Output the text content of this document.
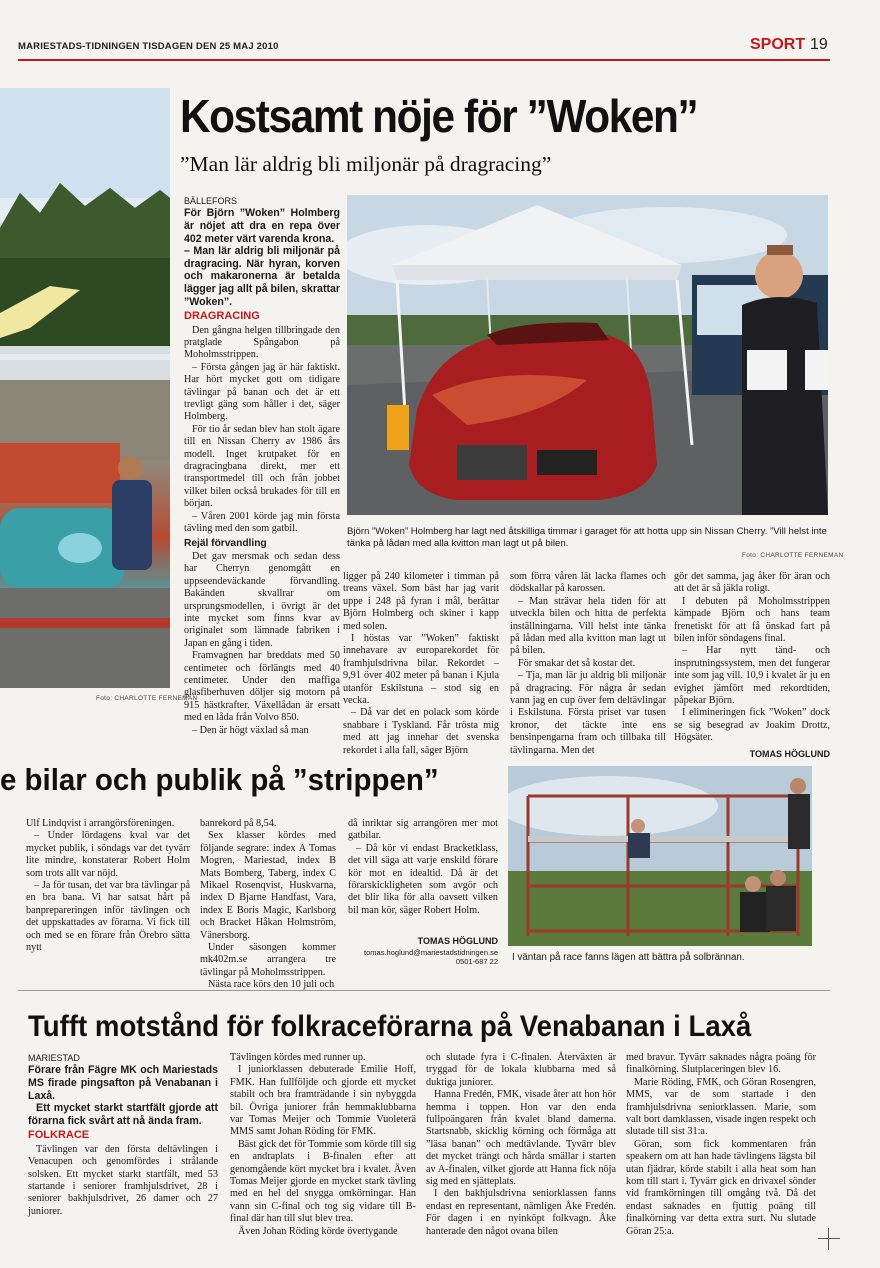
MARIESTADS-TIDNINGEN TISDAGEN DEN 25 MAJ 2010	SPORT 19
Foto: CHARLOTTE FERNEMAN
Kostsamt nöje för ”Woken”
”Man lär aldrig bli miljonär på dragracing”

BÄLLEFORS

För Björn ”Woken” Holmberg är nöjet att dra en repa över 402 meter värt varenda krona.

– Man lär aldrig bli miljonär på dragracing. När hyran, korven och makaronerna är betalda lägger jag allt på bilen, skrattar ”Woken”.

DRAGRACING

Den gångna helgen tillbringade den pratglade Spångabon på Moholmsstrippen.

– Första gången jag är här faktiskt. Har hört mycket gott om tidigare tävlingar på banan och det är ett trevligt gäng som håller i det, säger Holmberg.

För tio år sedan blev han stolt ägare till en Nissan Cherry av 1986 års modell. Inget krutpaket för en dragracingbana direkt, mer ett transportmedel till och från jobbet vilket bilen också brukades för till en början.

– Våren 2001 körde jag min första tävling med den som gatbil.

Rejäl förvandling

Det gav mersmak och sedan dess har Cherryn genomgått en uppseendeväckande förvandling. Bakänden skvallrar om ursprungsmodellen, i övrigt är det inte mycket som finns kvar av originalet som lämnade fabriken i Japan en gång i tiden.

Framvagnen har breddats med 50 centimeter och förlängts med 40 centimeter. Under den maffiga glasfiberhuven döljer sig motorn på 915 hästkrafter. Växellådan är ersatt med en låda från Volvo 850.

– Den är högt växlad så man

Björn ”Woken” Holmberg har lagt ned åtskilliga timmar i garaget för att hotta upp sin Nissan Cherry. ”Vill helst inte tänka på lådan med alla kvitton man lagt ut på bilen.
Foto: CHARLOTTE FERNEMAN

ligger på 240 kilometer i timman på treans växel. Som bäst har jag varit uppe i 248 på fyran i mål, berättar Björn Holmberg och skiner i kapp med solen.

I höstas var ”Woken” faktiskt innehavare av europarekordet för framhjulsdrivna bilar. Rekordet – 9,91 över 402 meter på banan i Kjula utanför Eskilstuna – stod sig en vecka.

– Då var det en polack som körde snabbare i Tyskland. Får trösta mig med att jag innehar det svenska rekordet i alla fall, säger Björn

som förra våren lät lacka flames och dödskallar på karossen.

– Man strävar hela tiden för att utveckla bilen och hitta de perfekta inställningarna. Vill helst inte tänka på lådan med alla kvitton man lagt ut på bilen.

För smakar det så kostar det.

– Tja, man lär ju aldrig bli miljonär på dragracing. För några år sedan vann jag en cup över fem deltävlingar i Eskilstuna. Första priset var tusen kronor, det täckte inte ens bensinpengarna fram och tillbaka till tävlingarna. Men det

gör det samma, jag åker för äran och att det är så jäkla roligt.

I debuten på Moholmsstrippen kämpade Björn och hans team frenetiskt för att få önskad fart på bilen inför söndagens final.

– Har nytt tänd- och insprutningssystem, men det fungerar inte som jag vill. 10,9 i kvalet är ju en evighet jämfört med rekordtiden, påpekar Björn.

I elimineringen fick ”Woken” dock se sig besegrad av Joakim Drottz, Högsäter.

TOMAS HÖGLUND

e bilar och publik på ”strippen”

Ulf Lindqvist i arrangörsföreningen.

– Under lördagens kval var det mycket publik, i söndags var det tyvärr lite mindre, konstaterar Robert Holm som trots allt var nöjd.

– Ja för tusan, det var bra tävlingar på en bra bana. Vi har satsat hårt på banprepareringen inför tävlingen och det uppskattades av förarna. Vi fick till och med se en förare från Örebro sätta nytt

banrekord på 8,54.

Sex klasser kördes med följande segrare: index A Tomas Mogren, Mariestad, index B Mats Bomberg, Taberg, index C Mikael Rosenqvist, Huskvarna, index D Bjarne Handfast, Vara, index E Boris Magic, Karlsborg och Bracket Håkan Holmström, Vänersborg.

Under säsongen kommer mk402m.se arrangera tre tävlingar på Moholmsstrippen.

Nästa race körs den 10 juli och

då inriktar sig arrangören mer mot gatbilar.

– Då kör vi endast Bracketklass, det vill säga att varje enskild förare kör mot en idealtid. Då är det förarskickligheten som avgör och det blir lika för alla oavsett vilken bil man kör, säger Robert Holm.

TOMAS HÖGLUND

tomas.hoglund@mariestadstidningen.se

0501-687 22 I väntan på race fanns lägen att bättra på solbrännan.
Tufft motstånd för folkraceförarna på Venabanan i Laxå

MARIESTAD

Förare från Fägre MK och Mariestads MS firade pingsafton på Venabanan i Laxå.

Ett mycket starkt startfält gjorde att förarna fick svårt att nå ända fram.

FOLKRACE

Tävlingen var den första deltävlingen i Venacupen och genomfördes i strålande solsken. Ett mycket starkt startfält, med 53 startande i seniorer framhjulsdrivet, 28 i seniorer bakhjulsdrivet, 26 damer och 27 juniorer.

Tävlingen kördes med runner up.

I juniorklassen debuterade Emilie Hoff, FMK. Han fullföljde och gjorde ett mycket stabilt och bra framträdande i sin nybyggda bil. Övriga juniorer från hemmaklubbarna var Tomas Meijer och Tommie Vuoleterä MMS samt Johan Röding för FMK.

Bäst gick det för Tommie som körde till sig en andraplats i B-finalen efter att genomgående kört mycket bra i kvalet. Även Tomas Meijer gjorde en mycket stark tävling med en hel del snygga omkörningar. Han vann sin C-final och tog sig vidare till B-final där han till slut blev trea.

Även Johan Röding körde övertygande

och slutade fyra i C-finalen. Återväxten är tryggad för de lokala klubbarna med så duktiga juniorer.

Hanna Fredén, FMK, visade åter att hon hör hemma i toppen. Hon var den enda fullpoängaren från kvalet bland damerna. Startsnabb, skicklig körning och förmåga att ”läsa banan” och medtävlande. Tyvärr blev det mycket trängt och hårda smällar i starten av A-finalen, vilket gjorde att Hanna fick nöja sig med en sjätteplats.

I den bakhjulsdrivna seniorklassen fanns endast en representant, nämligen Åke Fredén. För dagen i en nyinköpt folkvagn. Åke hanterade den något ovana bilen

med bravur. Tyvärr saknades några poäng för finalkörning. Slutplaceringen blev 16.

Marie Röding, FMK, och Göran Rosengren, MMS, var de som startade i den framhjulsdrivna seniorklassen. Marie, som valt bort damklassen, visade ingen respekt och slutade till sist 31:a.

Göran, som fick kommentaren från speakern om att han hade tävlingens lägsta bil utan fjädrar, körde stabilt i alla heat som han kom till start i. Tyvärr gick en drivaxel sönder vid framkörningen till omgång två. Då det endast saknades en fjuttig poäng till finalkörning var detta extra surt. Nu slutade Göran 25:a.
